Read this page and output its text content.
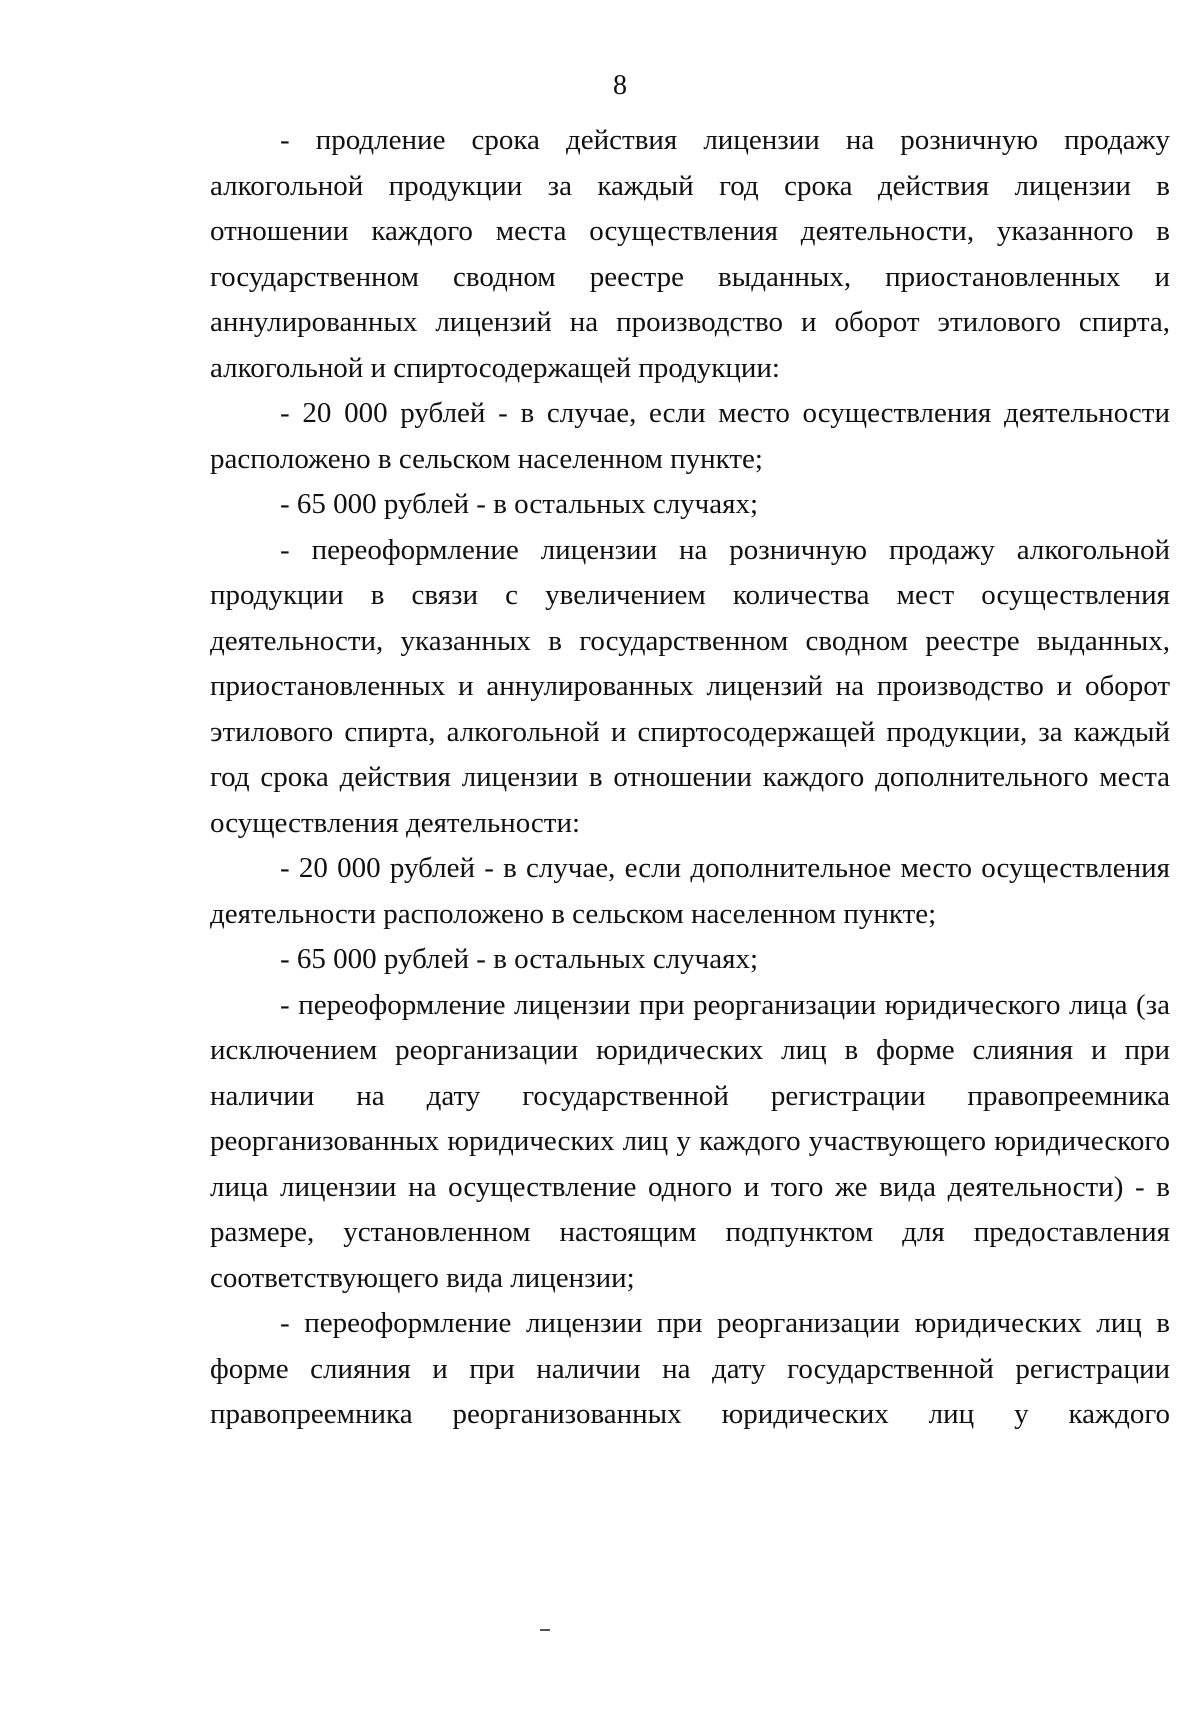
8

- продление срока действия лицензии на розничную продажу алкогольной продукции за каждый год срока действия лицензии в отношении каждого места осуществления деятельности, указанного в государственном сводном реестре выданных, приостановленных и аннулированных лицензий на производство и оборот этилового спирта, алкогольной и спиртосодержащей продукции:

- 20 000 рублей - в случае, если место осуществления деятельности расположено в сельском населенном пункте;

- 65 000 рублей - в остальных случаях;

- переоформление лицензии на розничную продажу алкогольной продукции в связи с увеличением количества мест осуществления деятельности, указанных в государственном сводном реестре выданных, приостановленных и аннулированных лицензий на производство и оборот этилового спирта, алкогольной и спиртосодержащей продукции, за каждый год срока действия лицензии в отношении каждого дополнительного места осуществления деятельности:

- 20 000 рублей - в случае, если дополнительное место осуществления деятельности расположено в сельском населенном пункте;

- 65 000 рублей - в остальных случаях;

- переоформление лицензии при реорганизации юридического лица (за исключением реорганизации юридических лиц в форме слияния и при наличии на дату государственной регистрации правопреемника реорганизованных юридических лиц у каждого участвующего юридического лица лицензии на осуществление одного и того же вида деятельности) - в размере, установленном настоящим подпунктом для предоставления соответствующего вида лицензии;

- переоформление лицензии при реорганизации юридических лиц в форме слияния и при наличии на дату государственной регистрации правопреемника реорганизованных юридических лиц у каждого
